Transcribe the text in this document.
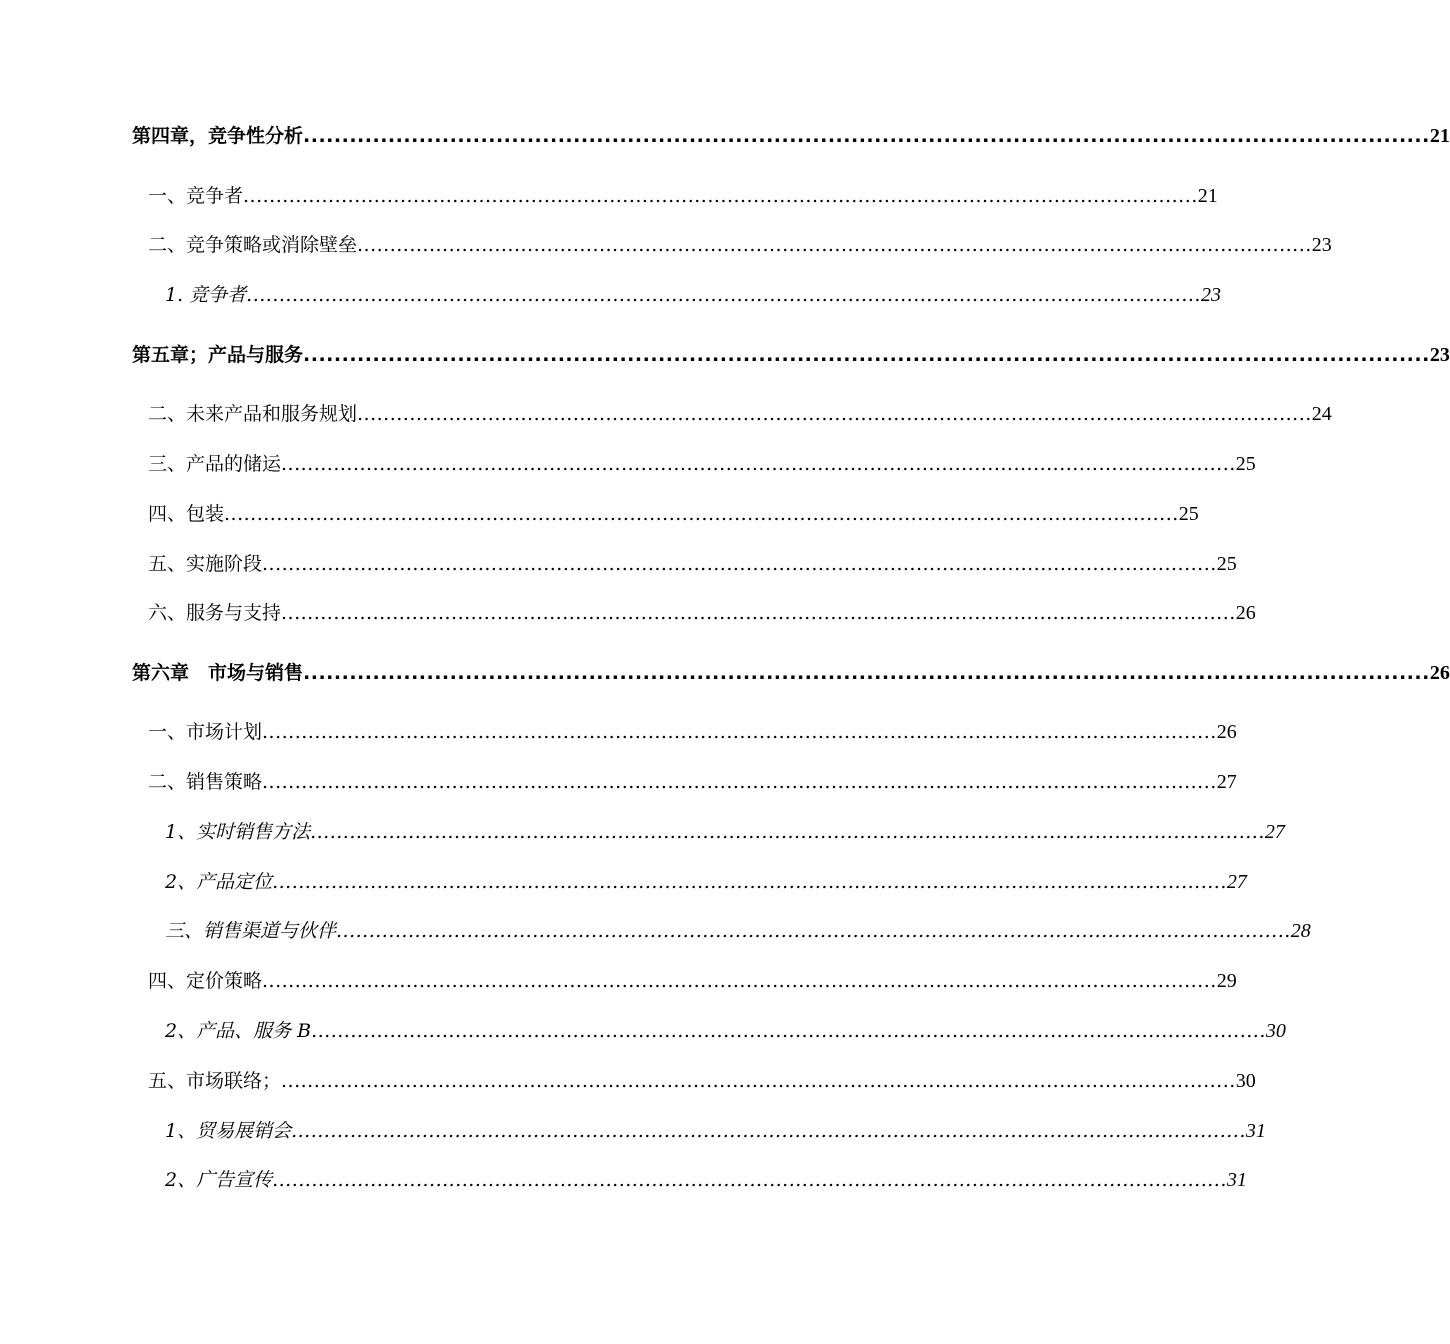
第四章，竞争性分析 .................................................................................................................................................. 21
一、竞争者 .................................................................................................................................................. 21
二、竞争策略或消除壁垒 .................................................................................................................................................. 23
1. 竞争者 .................................................................................................................................................. 23
第五章；产品与服务 .................................................................................................................................................. 23
二、未来产品和服务规划 .................................................................................................................................................. 24
三、产品的储运 .................................................................................................................................................. 25
四、包装 .................................................................................................................................................. 25
五、实施阶段 .................................................................................................................................................. 25
六、服务与支持 .................................................................................................................................................. 26
第六章　市场与销售 .................................................................................................................................................. 26
一、市场计划 .................................................................................................................................................. 26
二、销售策略 .................................................................................................................................................. 27
1、实时销售方法 .................................................................................................................................................. 27
2、产品定位 .................................................................................................................................................. 27
三、销售渠道与伙伴 .................................................................................................................................................. 28
四、定价策略 .................................................................................................................................................. 29
2、产品、服务 B .................................................................................................................................................. 30
五、市场联络； .................................................................................................................................................. 30
1、贸易展销会 .................................................................................................................................................. 31
2、广告宣传 .................................................................................................................................................. 31
